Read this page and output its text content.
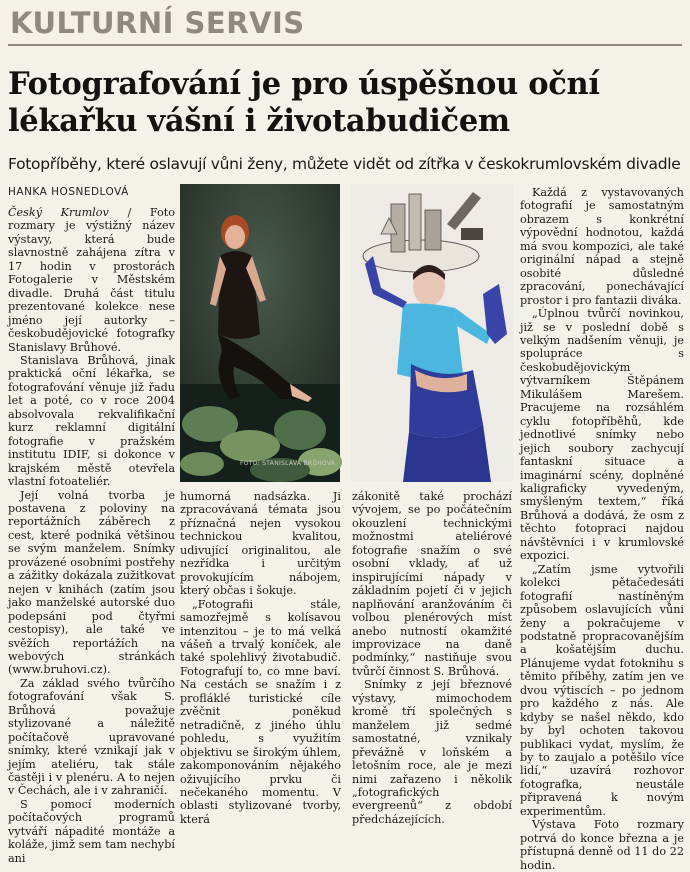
KULTURNÍ SERVIS
Fotografování je pro úspěšnou oční
lékařku vášní i životabudičem
Fotopříběhy, které oslavují vůni ženy, můžete vidět od zítřka v českokrumlovském divadle
HANKA HOSNEDLOVÁ

Český Krumlov / Foto rozmary je výstižný název výstavy, která bude slavnostně zahájena zítra v 17 hodin v prostorách Fotogalerie v Městském divadle. Druhá část titulu prezentované kolekce nese jméno její autorky – českobudějovické fotografky Stanislavy Brůhové.

Stanislava Brůhová, jinak praktická oční lékařka, se fotografování věnuje již řadu let a poté, co v roce 2004 absolvovala rekvalifikační kurz reklamní digitální fotografie v pražském institutu IDIF, si dokonce v krajském městě otevřela vlastní fotoateliér.

Její volná tvorba je postavena z poloviny na reportážních záběrech z cest, které podniká většinou se svým manželem. Snímky provázené osobními postřehy a zážitky dokázala zužitkovat nejen v knihách (zatím jsou jako manželské autorské duo podepsáni pod čtyřmi cestopisy), ale také ve svěžích reportážích na webových stránkách (www.bruhovi.cz).

Za základ svého tvůrčího fotografování však S. Brůhová považuje stylizované a náležitě počítačově upravované snímky, které vznikají jak v jejím ateliéru, tak stále častěji i v plenéru. A to nejen v Čechách, ale i v zahraničí.

S pomocí moderních počítačových programů vytváří nápadité montáže a koláže, jimž sem tam nechybí ani

FOTO: STANISLAVA BRŮHOVÁ

humorná nadsázka. Ji zpracovávaná témata jsou příznačná nejen vysokou technickou kvalitou, udivující originalitou, ale nezřídka i určitým provokujícím nábojem, který občas i šokuje.

„Fotografii stále, samozřejmě s kolísavou intenzitou – je to má velká vášeň a trvalý koníček, ale také spolehlivý životabudič. Fotografují to, co mne baví. Na cestách se snažím i z profláklé turistické cíle zvěčnit poněkud netradičně, z jiného úhlu pohledu, s využitím objektivu se širokým úhlem, zakomponováním nějakého oživujícího prvku či nečekaného momentu. V oblasti stylizované tvorby, která

zákonitě také prochází vývojem, se po počátečním okouzlení technickými možnostmi ateliérové fotografie snažím o své osobní vklady, ať už inspirujícími nápady v základním pojetí či v jejich naplňování aranžováním či volbou plenérových míst anebo nutností okamžité improvizace na daně podmínky,“ nastiňuje svou tvůrčí činnost S. Brůhová.

Snímky z její březnové výstavy, mimochodem kromě tří společných s manželem již sedmé samostatné, vznikaly převážně v loňském a letošním roce, ale je mezi nimi zařazeno i několik „fotografických evergreenů“ z období předcházejících.

Každá z vystavovaných fotografií je samostatným obrazem s konkrétní výpovědní hodnotou, každá má svou kompozici, ale také originální nápad a stejně osobité důsledné zpracování, ponechávající prostor i pro fantazii diváka.

„Úplnou tvůrčí novinkou, již se v poslední době s velkým nadšením věnuji, je spolupráce s českobudějovickým výtvarníkem Štěpánem Mikulášem Marešem. Pracujeme na rozsáhlém cyklu fotopříběhů, kde jednotlivé snímky nebo jejich soubory zachycují fantaskní situace a imaginární scény, doplněné kaligraficky vyvedeným, smyšleným textem,“ říká Brůhová a dodává, že osm z těchto fotopraci najdou návštěvníci i v krumlovské expozici.

„Zatím jsme vytvořili kolekci pětačedesáti fotografií nastíněným způsobem oslavujících vůni ženy a pokračujeme v podstatně propracovanějším a košatějším duchu. Plánujeme vydat fotoknihu s těmito příběhy, zatím jen ve dvou výtiscích – po jednom pro každého z nás. Ale kdyby se našel někdo, kdo by byl ochoten takovou publikaci vydat, myslím, že by to zaujalo a potěšilo více lidí,“ uzavírá rozhovor fotografka, neustále připravená k novým experimentům.

Výstava Foto rozmary potrvá do konce března a je přístupná denně od 11 do 22 hodin.
